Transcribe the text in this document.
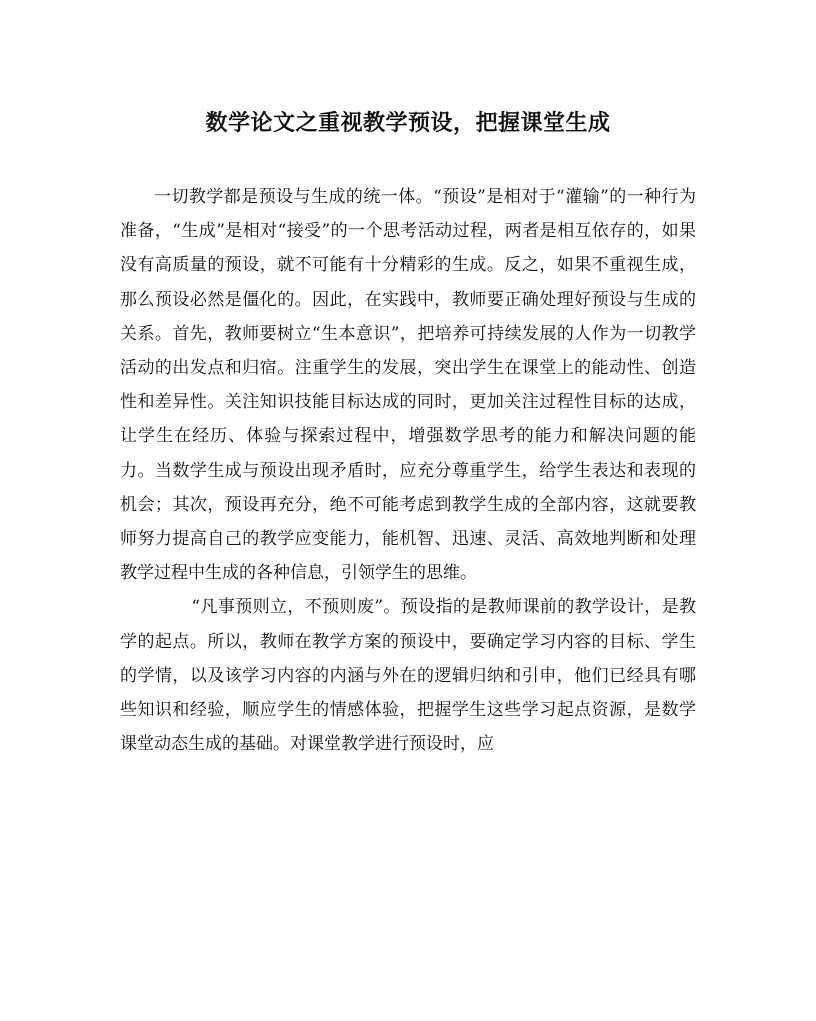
数学论文之重视教学预设，把握课堂生成

一切教学都是预设与生成的统一体。“预设”是相对于“灌输”的一种行为准备，“生成”是相对“接受”的一个思考活动过程，两者是相互依存的，如果没有高质量的预设，就不可能有十分精彩的生成。反之，如果不重视生成，那么预设必然是僵化的。因此，在实践中，教师要正确处理好预设与生成的关系。首先，教师要树立“生本意识”，把培养可持续发展的人作为一切教学活动的出发点和归宿。注重学生的发展，突出学生在课堂上的能动性、创造性和差异性。关注知识技能目标达成的同时，更加关注过程性目标的达成，让学生在经历、体验与探索过程中，增强数学思考的能力和解决问题的能力。当数学生成与预设出现矛盾时，应充分尊重学生，给学生表达和表现的机会；其次，预设再充分，绝不可能考虑到教学生成的全部内容，这就要教师努力提高自己的教学应变能力，能机智、迅速、灵活、高效地判断和处理教学过程中生成的各种信息，引领学生的思维。

“凡事预则立，不预则废”。预设指的是教师课前的教学设计，是教学的起点。所以，教师在教学方案的预设中，要确定学习内容的目标、学生的学情，以及该学习内容的内涵与外在的逻辑归纳和引申，他们已经具有哪些知识和经验，顺应学生的情感体验，把握学生这些学习起点资源，是数学课堂动态生成的基础。对课堂教学进行预设时，应
